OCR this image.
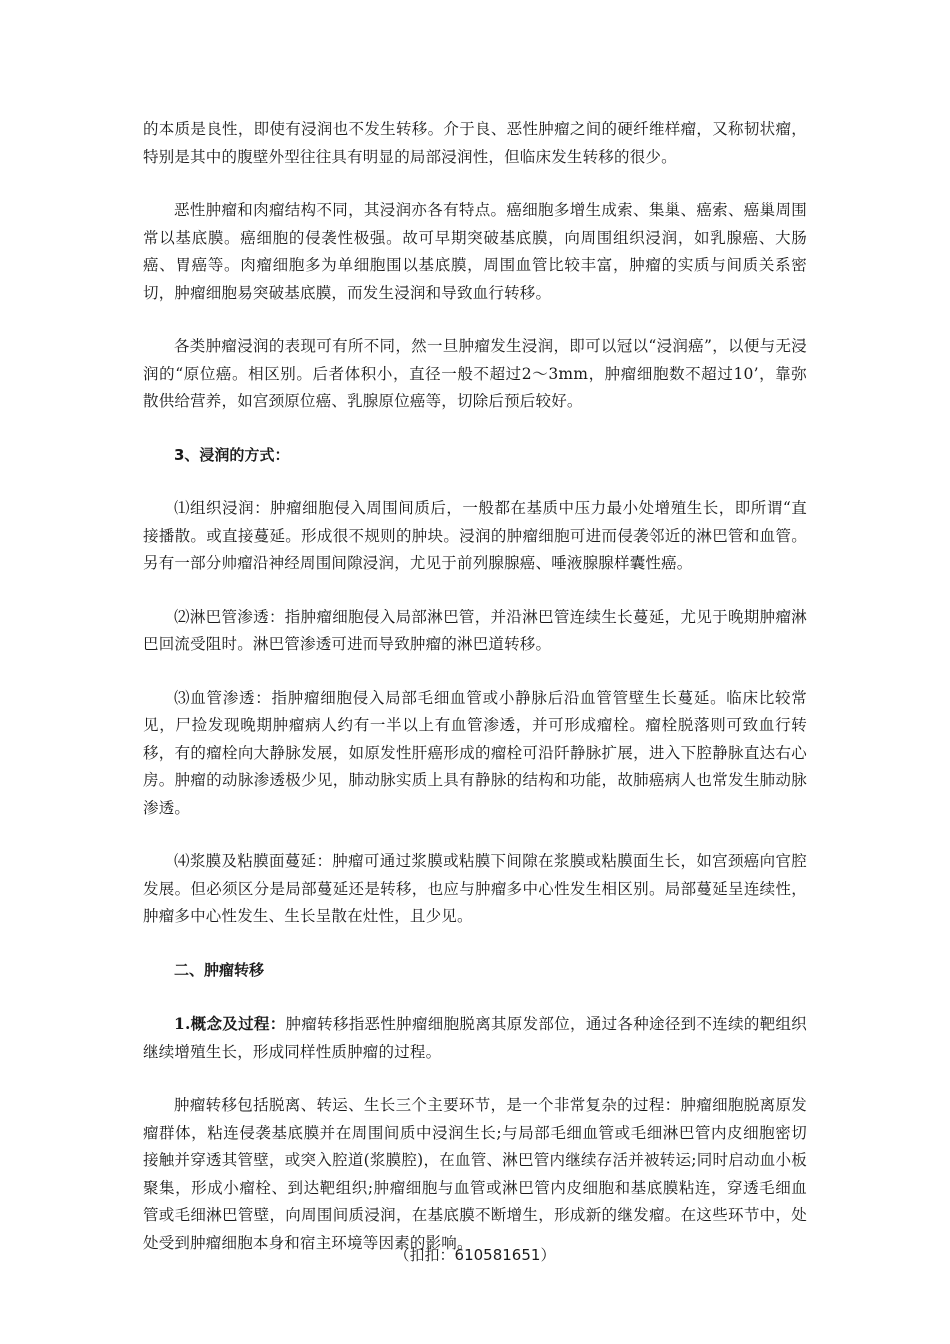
的本质是良性，即使有浸润也不发生转移。介于良、恶性肿瘤之间的硬纤维样瘤，又称韧状瘤，特别是其中的腹壁外型往往具有明显的局部浸润性，但临床发生转移的很少。

恶性肿瘤和肉瘤结构不同，其浸润亦各有特点。癌细胞多增生成索、集巢、癌索、癌巢周围常以基底膜。癌细胞的侵袭性极强。故可早期突破基底膜，向周围组织浸润，如乳腺癌、大肠癌、胃癌等。肉瘤细胞多为单细胞围以基底膜，周围血管比较丰富，肿瘤的实质与间质关系密切，肿瘤细胞易突破基底膜，而发生浸润和导致血行转移。

各类肿瘤浸润的表现可有所不同，然一旦肿瘤发生浸润，即可以冠以“浸润癌”，以便与无浸润的“原位癌。相区别。后者体积小，直径一般不超过2～3mm，肿瘤细胞数不超过10’，靠弥散供给营养，如宫颈原位癌、乳腺原位癌等，切除后预后较好。

3、浸润的方式：

⑴组织浸润：肿瘤细胞侵入周围间质后，一般都在基质中压力最小处增殖生长，即所谓“直接播散。或直接蔓延。形成很不规则的肿块。浸润的肿瘤细胞可进而侵袭邻近的淋巴管和血管。另有一部分帅瘤沿神经周围间隙浸润，尤见于前列腺腺癌、唾液腺腺样囊性癌。

⑵淋巴管渗透：指肿瘤细胞侵入局部淋巴管，并沿淋巴管连续生长蔓延，尤见于晚期肿瘤淋巴回流受阻时。淋巴管渗透可进而导致肿瘤的淋巴道转移。

⑶血管渗透：指肿瘤细胞侵入局部毛细血管或小静脉后沿血管管壁生长蔓延。临床比较常见，尸捡发现晚期肿瘤病人约有一半以上有血管渗透，并可形成瘤栓。瘤栓脱落则可致血行转移，有的瘤栓向大静脉发展，如原发性肝癌形成的瘤栓可沿阡静脉扩展，进入下腔静脉直达右心房。肿瘤的动脉渗透极少见，肺动脉实质上具有静脉的结构和功能，故肺癌病人也常发生肺动脉渗透。

⑷浆膜及粘膜面蔓延：肿瘤可通过浆膜或粘膜下间隙在浆膜或粘膜面生长，如宫颈癌向官腔发展。但必须区分是局部蔓延还是转移，也应与肿瘤多中心性发生相区别。局部蔓延呈连续性，肿瘤多中心性发生、生长呈散在灶性，且少见。

二、肿瘤转移

1.概念及过程：肿瘤转移指恶性肿瘤细胞脱离其原发部位，通过各种途径到不连续的靶组织继续增殖生长，形成同样性质肿瘤的过程。

肿瘤转移包括脱离、转运、生长三个主要环节，是一个非常复杂的过程：肿瘤细胞脱离原发瘤群体，粘连侵袭基底膜并在周围间质中浸润生长;与局部毛细血管或毛细淋巴管内皮细胞密切接触并穿透其管壁，或突入腔道(浆膜腔)，在血管、淋巴管内继续存活并被转运;同时启动血小板聚集，形成小瘤栓、到达靶组织;肿瘤细胞与血管或淋巴管内皮细胞和基底膜粘连，穿透毛细血管或毛细淋巴管壁，向周围间质浸润，在基底膜不断增生，形成新的继发瘤。在这些环节中，处处受到肿瘤细胞本身和宿主环境等因素的影响。

（扣扣：610581651）
